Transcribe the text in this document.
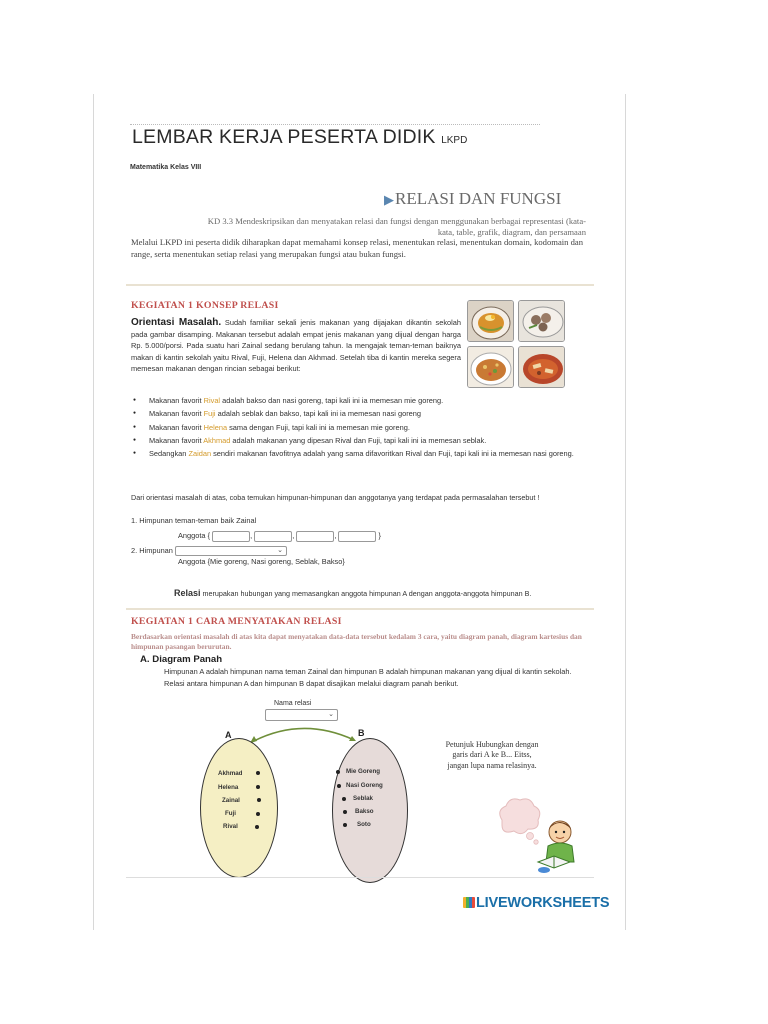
LEMBAR KERJA PESERTA DIDIK LKPD
Matematika Kelas VIII
▶RELASI DAN FUNGSI
KD 3.3 Mendeskripsikan dan menyatakan relasi dan fungsi dengan menggunakan berbagai representasi (kata-kata, table, grafik, diagram, dan persamaan
Melalui LKPD ini peserta didik diharapkan dapat memahami konsep relasi, menentukan relasi, menentukan domain, kodomain dan range, serta menentukan setiap relasi yang merupakan fungsi atau bukan fungsi.
KEGIATAN 1 KONSEP RELASI
Orientasi Masalah. Sudah familiar sekali jenis makanan yang dijajakan dikantin sekolah pada gambar disamping. Makanan tersebut adalah empat jenis makanan yang dijual dengan harga Rp. 5.000/porsi. Pada suatu hari Zainal sedang berulang tahun. Ia mengajak teman-teman baiknya makan di kantin sekolah yaitu Rival, Fuji, Helena dan Akhmad. Setelah tiba di kantin mereka segera memesan makanan dengan rincian sebagai berikut:
● Makanan favorit Rival adalah bakso dan nasi goreng, tapi kali ini ia memesan mie goreng.
● Makanan favorit Fuji adalah seblak dan bakso, tapi kali ini ia memesan nasi goreng
● Makanan favorit Helena sama dengan Fuji, tapi kali ini ia memesan mie goreng.
● Makanan favorit Akhmad adalah makanan yang dipesan Rival dan Fuji, tapi kali ini ia memesan seblak.
● Sedangkan Zaidan sendiri makanan favofitnya adalah yang sama difavoritkan Rival dan Fuji, tapi kali ini ia memesan nasi goreng.
Dari orientasi masalah di atas, coba temukan himpunan-himpunan dan anggotanya yang terdapat pada permasalahan tersebut !
1. Himpunan teman-teman baik Zainal
Anggota {	,	,	,	}
2. Himpunan	⌄
Anggota {Mie goreng, Nasi goreng, Seblak, Bakso}
Relasi merupakan hubungan yang memasangkan anggota himpunan A dengan anggota-anggota himpunan B.
KEGIATAN 1 CARA MENYATAKAN RELASI
Berdasarkan orientasi masalah di atas kita dapat menyatakan data-data tersebut kedalam 3 cara, yaitu diagram panah, diagram kartesius dan himpunan pasangan berurutan.
A. Diagram Panah
Himpunan A adalah himpunan nama teman Zainal dan himpunan B adalah himpunan makanan yang dijual di kantin sekolah. Relasi antara himpunan A dan himpunan B dapat disajikan melalui diagram panah berikut.
Nama relasi
⌄
A	B
Akhmad
Helena
Zainal
Fuji
Rival
Mie Goreng
Nasi Goreng
Seblak
Bakso
Soto
Petunjuk Hubungkan dengan garis dari A ke B... Eitss, jangan lupa nama relasinya.
LIVEWORKSHEETS
